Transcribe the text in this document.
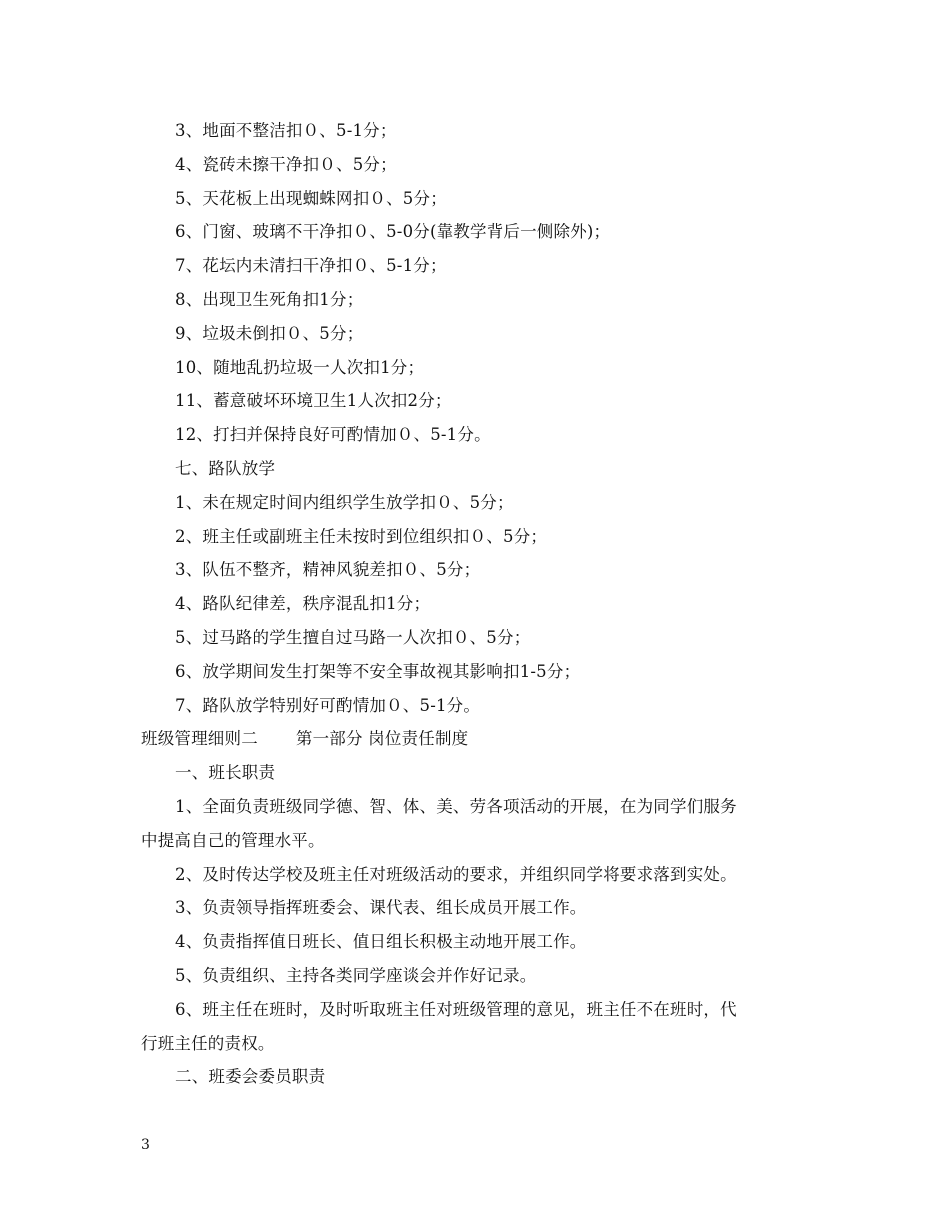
3、地面不整洁扣０、5-1分；
4、瓷砖未擦干净扣０、5分；
5、天花板上出现蜘蛛网扣０、5分；
6、门窗、玻璃不干净扣０、5-0分(靠教学背后一侧除外)；
7、花坛内未清扫干净扣０、5-1分；
8、出现卫生死角扣1分；
9、垃圾未倒扣０、5分；
10、随地乱扔垃圾一人次扣1分；
11、蓄意破坏环境卫生1人次扣2分；
12、打扫并保持良好可酌情加０、5-1分。
七、路队放学
1、未在规定时间内组织学生放学扣０、5分；
2、班主任或副班主任未按时到位组织扣０、5分；
3、队伍不整齐，精神风貌差扣０、5分；
4、路队纪律差，秩序混乱扣1分；
5、过马路的学生擅自过马路一人次扣０、5分；
6、放学期间发生打架等不安全事故视其影响扣1-5分；
7、路队放学特别好可酌情加０、5-1分。
班级管理细则二 第一部分 岗位责任制度
一、班长职责
1、全面负责班级同学德、智、体、美、劳各项活动的开展，在为同学们服务
中提高自己的管理水平。
2、及时传达学校及班主任对班级活动的要求，并组织同学将要求落到实处。
3、负责领导指挥班委会、课代表、组长成员开展工作。
4、负责指挥值日班长、值日组长积极主动地开展工作。
5、负责组织、主持各类同学座谈会并作好记录。
6、班主任在班时，及时听取班主任对班级管理的意见，班主任不在班时，代
行班主任的责权。
二、班委会委员职责
3
